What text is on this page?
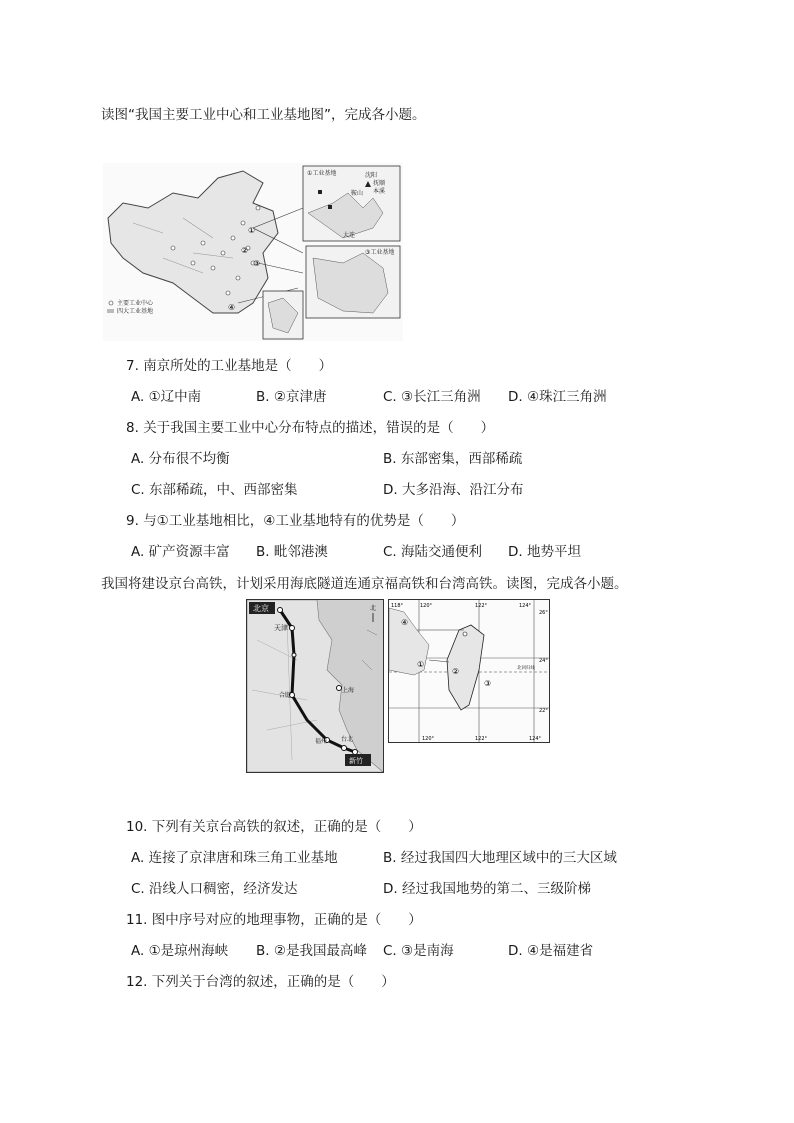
读图“我国主要工业中心和工业基地图”，完成各小题。
①
③
④
②
①工业基地	沈阳
抚顺
鞍山 本溪
大连
③工业基地
主要工业中心
四大工业基地
7. 南京所处的工业基地是（　　）
A. ①辽中南	B. ②京津唐	C. ③长江三角洲 D. ④珠江三角洲
8. 关于我国主要工业中心分布特点的描述，错误的是（　　）
A. 分布很不均衡	B. 东部密集，西部稀疏
C. 东部稀疏，中、西部密集	D. 大多沿海、沿江分布
9. 与①工业基地相比，④工业基地特有的优势是（　　）
A. 矿产资源丰富 B. 毗邻港澳	C. 海陆交通便利 D. 地势平坦
我国将建设京台高铁，计划采用海底隧道连通京福高铁和台湾高铁。读图，完成各小题。
北京
天津
合肥
上海
福州 台北
新竹
北
④
①
②
③
北回归线
118°	120°	122°	124°
26°
24°
22°
120°	122°	124°
10. 下列有关京台高铁的叙述，正确的是（　　）
A. 连接了京津唐和珠三角工业基地	B. 经过我国四大地理区域中的三大区域
C. 沿线人口稠密，经济发达	D. 经过我国地势的第二、三级阶梯
11. 图中序号对应的地理事物，正确的是（　　）
A. ①是琼州海峡 B. ②是我国最高峰 C. ③是南海	D. ④是福建省
12. 下列关于台湾的叙述，正确的是（　　）
